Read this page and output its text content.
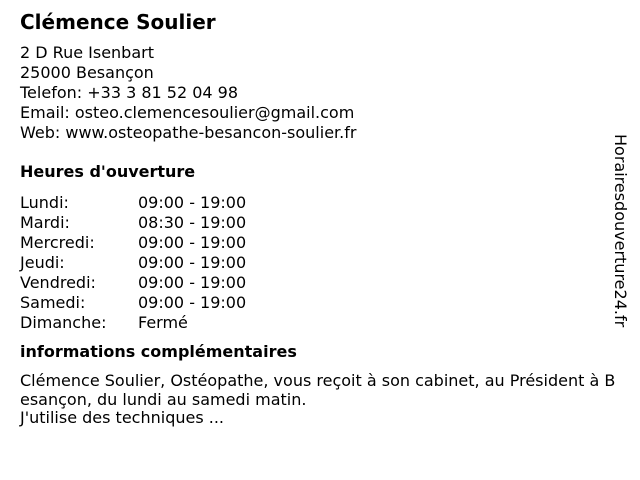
Clémence Soulier
2 D Rue Isenbart
25000 Besançon
Telefon: +33 3 81 52 04 98
Email: osteo.clemencesoulier@gmail.com
Web: www.osteopathe-besancon-soulier.fr
Heures d'ouverture
Lundi:	09:00 - 19:00
Mardi:	08:30 - 19:00
Mercredi:	09:00 - 19:00
Jeudi:	09:00 - 19:00
Vendredi:	09:00 - 19:00
Samedi:	09:00 - 19:00
Dimanche:	Fermé
informations complémentaires
Clémence Soulier, Ostéopathe, vous reçoit à son cabinet, au Président à Besançon, du lundi au samedi matin.
J'utilise des techniques ...
Horairesdouverture24.fr
